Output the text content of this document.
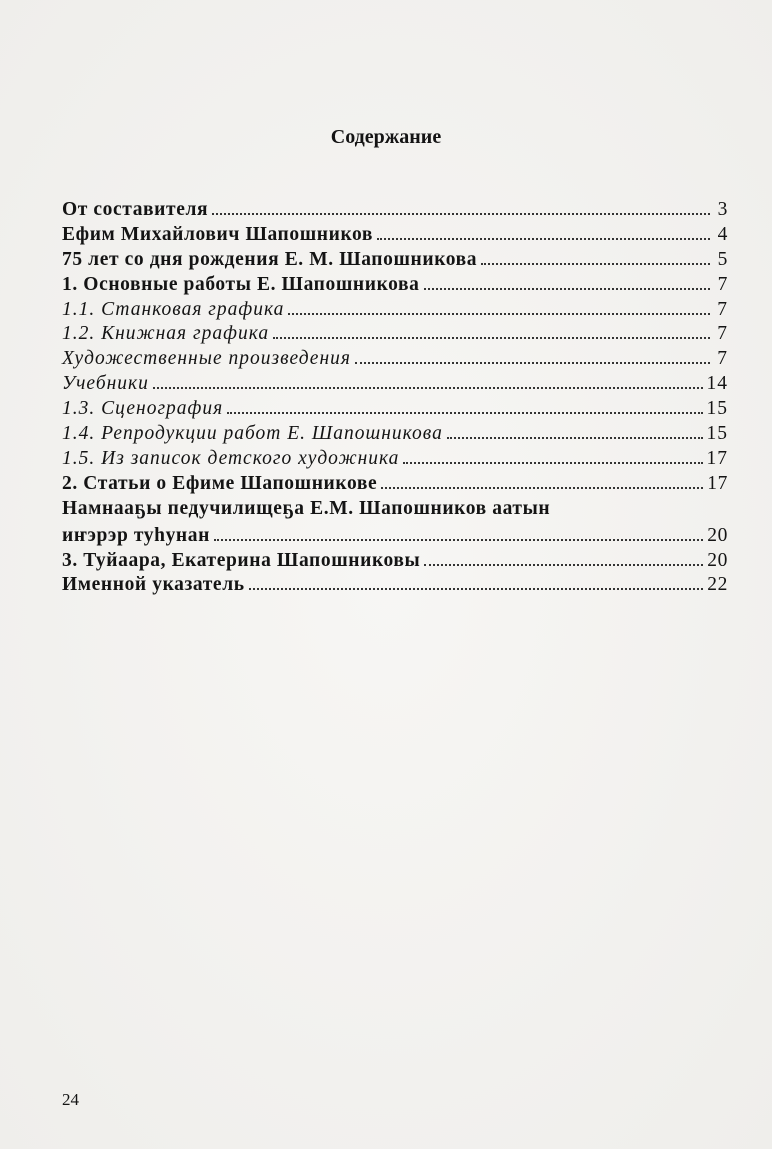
Содержание
От составителя	3
Ефим Михайлович Шапошников	4
75 лет со дня рождения Е. М. Шапошникова	5
1. Основные работы Е. Шапошникова	7
1.1. Станковая графика	7
1.2. Книжная графика	7
Художественные произведения	7
Учебники	14
1.3. Сценография	15
1.4. Репродукции работ Е. Шапошникова	15
1.5. Из записок детского художника	17
2. Статьи о Ефиме Шапошникове	17
Намнааҕы педучилищеҕа Е.М. Шапошников аатын
иҥэрэр туһунан	20
3. Туйаара, Екатерина Шапошниковы	20
Именной указатель	22
24
